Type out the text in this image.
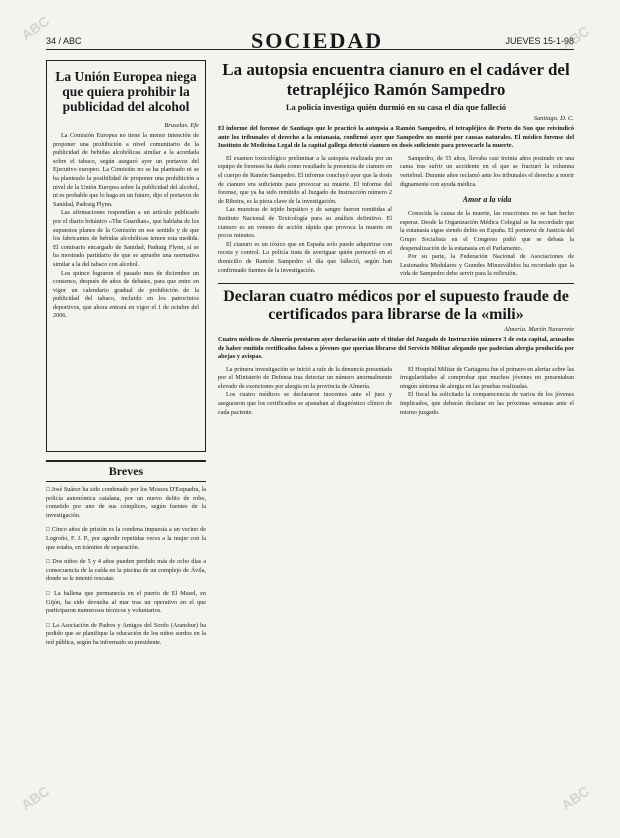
34 / ABC	SOCIEDAD	JUEVES 15-1-98
La Unión Europea niega que quiera prohibir la publicidad del alcohol
Bruselas. Efe

La Comisión Europea no tiene la menor intención de proponer una prohibición a nivel comunitario de la publicidad de bebidas alcohólicas similar a la acordada sobre el tabaco, según aseguró ayer un portavoz del Ejecutivo europeo. La Comisión no se ha planteado ni se ha planteado la posibilidad de proponer una prohibición a nivel de la Unión Europea sobre la publicidad del alcohol, ni es probable que lo haga en un futuro, dijo el portavoz de Sanidad, Padraig Flynn.

Las afirmaciones respondían a un artículo publicado por el diario británico «The Guardian», que hablaba de los supuestos planes de la Comisión en ese sentido y de que los fabricantes de bebidas alcohólicas temen esta medida. El comisario encargado de Sanidad, Padraig Flynn, sí se ha mostrado partidario de que se apruebe una normativa similar a la del tabaco con alcohol.

Los quince lograron el pasado mes de diciembre un consenso, después de años de debates, para que entre en vigor un calendario gradual de prohibición de la publicidad del tabaco, incluido en los patrocinios deportivos, que ahora entrará en vigor el 1 de octubre del 2006.

Breves

□ José Suárez ha sido condenado por los Mossos D'Esquadra, la policía autonómica catalana, por un nuevo delito de robo, cometido por uno de sus cómplices, según fuentes de la investigación.

□ Cinco años de prisión es la condena impuesta a un vecino de Logroño, F. J. P., por agredir repetidas veces a la mujer con la que estaba, en trámites de separación.

□ Dos niños de 5 y 4 años pueden perdido más de ocho días a consecuencia de la caída en la piscina de un complejo de Ávila, donde se le intentó rescatar.

□ La ballena que permanecía en el puerto de El Musel, en Gijón, ha sido devuelta al mar tras un operativo en el que participaron numerosos técnicos y voluntarios.

□ La Asociación de Padres y Amigos del Sordo (Aransbur) ha pedido que se planifique la educación de los niños sordos en la red pública, según ha informado su presidente.

La autopsia encuentra cianuro en el cadáver del tetrapléjico Ramón Sampedro
La policía investiga quién durmió en su casa el día que falleció
Santiago. D. C.
El informe del forense de Santiago que le practicó la autopsia a Ramón Sampedro, el tetrapléjico de Porto do Son que reivindicó ante los tribunales el derecho a la eutanasia, confirmó ayer que Sampedro no murió por causas naturales. El médico forense del Instituto de Medicina Legal de la capital gallega detectó cianuro en dosis suficiente para provocarle la muerte.

El examen toxicológico preliminar a la autopsia realizada por un equipo de forenses ha dado como resultado la presencia de cianuro en el cuerpo de Ramón Sampedro. El informe concluyó ayer que la dosis de cianuro era suficiente para provocar su muerte. El informe del forense, que ya ha sido remitido al Juzgado de Instrucción número 2 de Ribeira, es la pieza clave de la investigación.

Las muestras de tejido hepático y de sangre fueron remitidas al Instituto Nacional de Toxicología para su análisis definitivo. El cianuro es un veneno de acción rápida que provoca la muerte en pocos minutos.

El cianuro es un tóxico que en España solo puede adquirirse con receta y control. La policía trata de averiguar quién pernoctó en el domicilio de Ramón Sampedro el día que falleció, según han confirmado fuentes de la investigación.

Sampedro, de 55 años, llevaba casi treinta años postrado en una cama tras sufrir un accidente en el que se fracturó la columna vertebral. Durante años reclamó ante los tribunales el derecho a morir dignamente con ayuda médica.

Amor a la vida

Conocida la causa de la muerte, las reacciones no se han hecho esperar. Desde la Organización Médica Colegial se ha recordado que la eutanasia sigue siendo delito en España. El portavoz de Justicia del Grupo Socialista en el Congreso pidió que se debata la despenalización de la eutanasia en el Parlamento.

Por su parte, la Federación Nacional de Asociaciones de Lesionados Medulares y Grandes Minusválidos ha recordado que la vida de Sampedro debe servir para la reflexión.

Declaran cuatro médicos por el supuesto fraude de certificados para librarse de la «mili»
Almería. Martín Navarrete
Cuatro médicos de Almería prestaron ayer declaración ante el titular del Juzgado de Instrucción número 3 de esta capital, acusados de haber emitido certificados falsos a jóvenes que querían librarse del Servicio Militar alegando que padecían alergia producida por abejas y avispas.

La primera investigación se inició a raíz de la denuncia presentada por el Ministerio de Defensa tras detectar un número anormalmente elevado de exenciones por alergia en la provincia de Almería.

Los cuatro médicos se declararon inocentes ante el juez y aseguraron que los certificados se ajustaban al diagnóstico clínico de cada paciente.

El Hospital Militar de Cartagena fue el primero en alertar sobre las irregularidades al comprobar que muchos jóvenes no presentaban ningún síntoma de alergia en las pruebas realizadas.

El fiscal ha solicitado la comparecencia de varios de los jóvenes implicados, que deberán declarar en las próximas semanas ante el mismo juzgado.

ABC	ABC
ABC	ABC
